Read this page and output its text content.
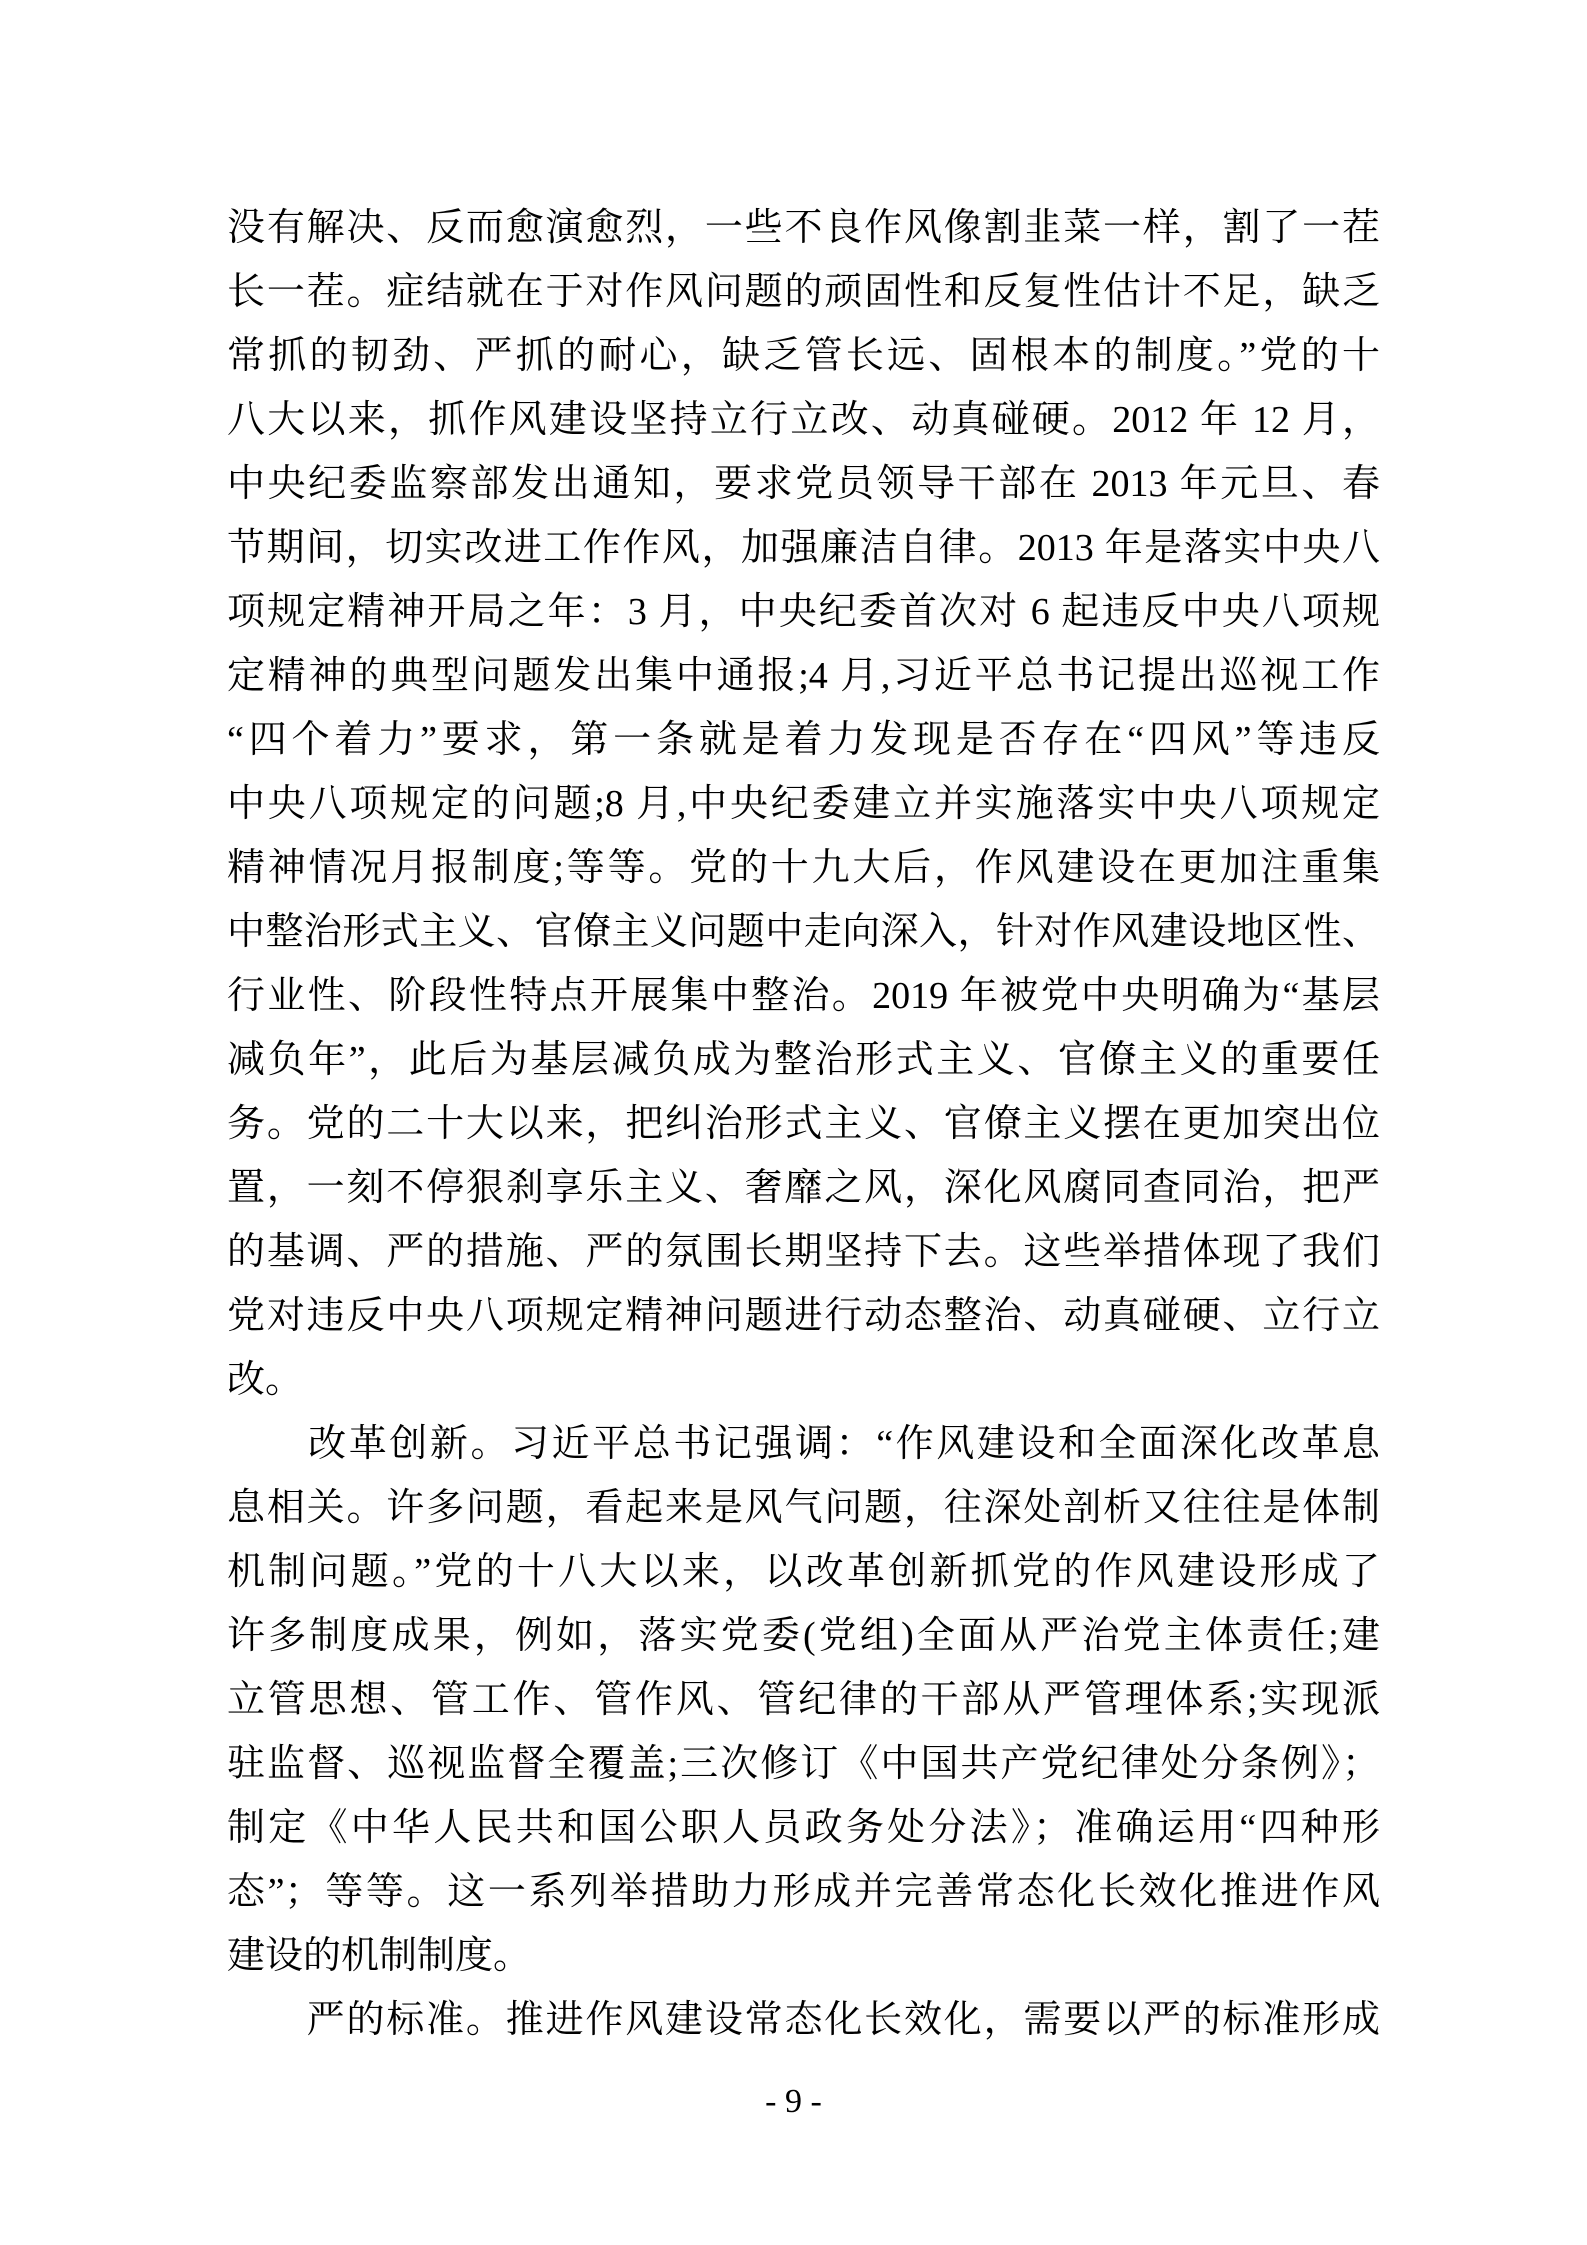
没有解决、反而愈演愈烈，一些不良作风像割韭菜一样，割了一茬

长一茬。症结就在于对作风问题的顽固性和反复性估计不足，缺乏

常抓的韧劲、严抓的耐心，缺乏管长远、固根本的制度。”党的十

八大以来，抓作风建设坚持立行立改、动真碰硬。2012 年 12 月，

中央纪委监察部发出通知，要求党员领导干部在 2013 年元旦、春

节期间，切实改进工作作风，加强廉洁自律。2013 年是落实中央八

项规定精神开局之年：3 月，中央纪委首次对 6 起违反中央八项规

定精神的典型问题发出集中通报;4 月,习近平总书记提出巡视工作

“四个着力”要求，第一条就是着力发现是否存在“四风”等违反

中央八项规定的问题;8 月,中央纪委建立并实施落实中央八项规定

精神情况月报制度;等等。党的十九大后，作风建设在更加注重集

中整治形式主义、官僚主义问题中走向深入，针对作风建设地区性、

行业性、阶段性特点开展集中整治。2019 年被党中央明确为“基层

减负年”，此后为基层减负成为整治形式主义、官僚主义的重要任

务。党的二十大以来，把纠治形式主义、官僚主义摆在更加突出位

置，一刻不停狠刹享乐主义、奢靡之风，深化风腐同查同治，把严

的基调、严的措施、严的氛围长期坚持下去。这些举措体现了我们

党对违反中央八项规定精神问题进行动态整治、动真碰硬、立行立

改。

　　改革创新。习近平总书记强调：“作风建设和全面深化改革息

息相关。许多问题，看起来是风气问题，往深处剖析又往往是体制

机制问题。”党的十八大以来，以改革创新抓党的作风建设形成了

许多制度成果，例如，落实党委(党组)全面从严治党主体责任;建

立管思想、管工作、管作风、管纪律的干部从严管理体系;实现派

驻监督、巡视监督全覆盖;三次修订《中国共产党纪律处分条例》；

制定《中华人民共和国公职人员政务处分法》；准确运用“四种形

态”；等等。这一系列举措助力形成并完善常态化长效化推进作风

建设的机制制度。

　　严的标准。推进作风建设常态化长效化，需要以严的标准形成

- 9 -
